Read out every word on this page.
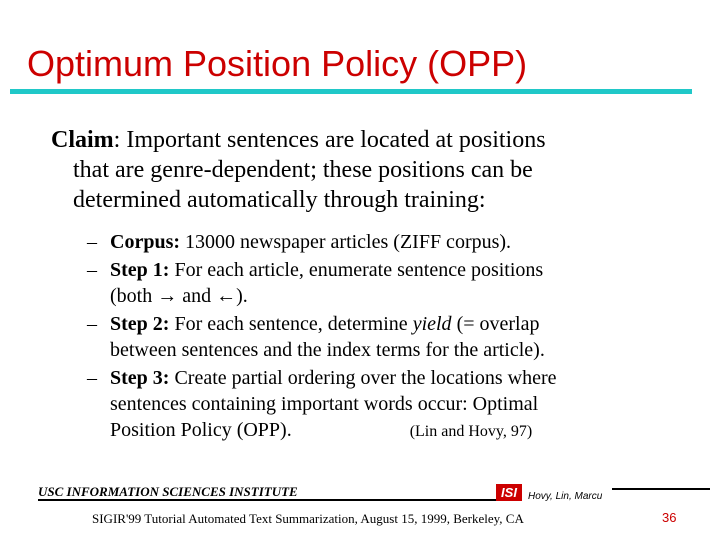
Optimum Position Policy (OPP)
Claim: Important sentences are located at positions
that are genre-dependent; these positions can be
determined automatically through training:
– Corpus: 13000 newspaper articles (ZIFF corpus).
– Step 1: For each article, enumerate sentence positions
(both → and ←).
– Step 2: For each sentence, determine yield (= overlap
between sentences and the index terms for the article).
– Step 3: Create partial ordering over the locations where
sentences containing important words occur: Optimal
Position Policy (OPP).	(Lin and Hovy, 97)
USC INFORMATION SCIENCES INSTITUTE	ISI	Hovy, Lin, Marcu
SIGIR'99 Tutorial Automated Text Summarization, August 15, 1999, Berkeley, CA	36
